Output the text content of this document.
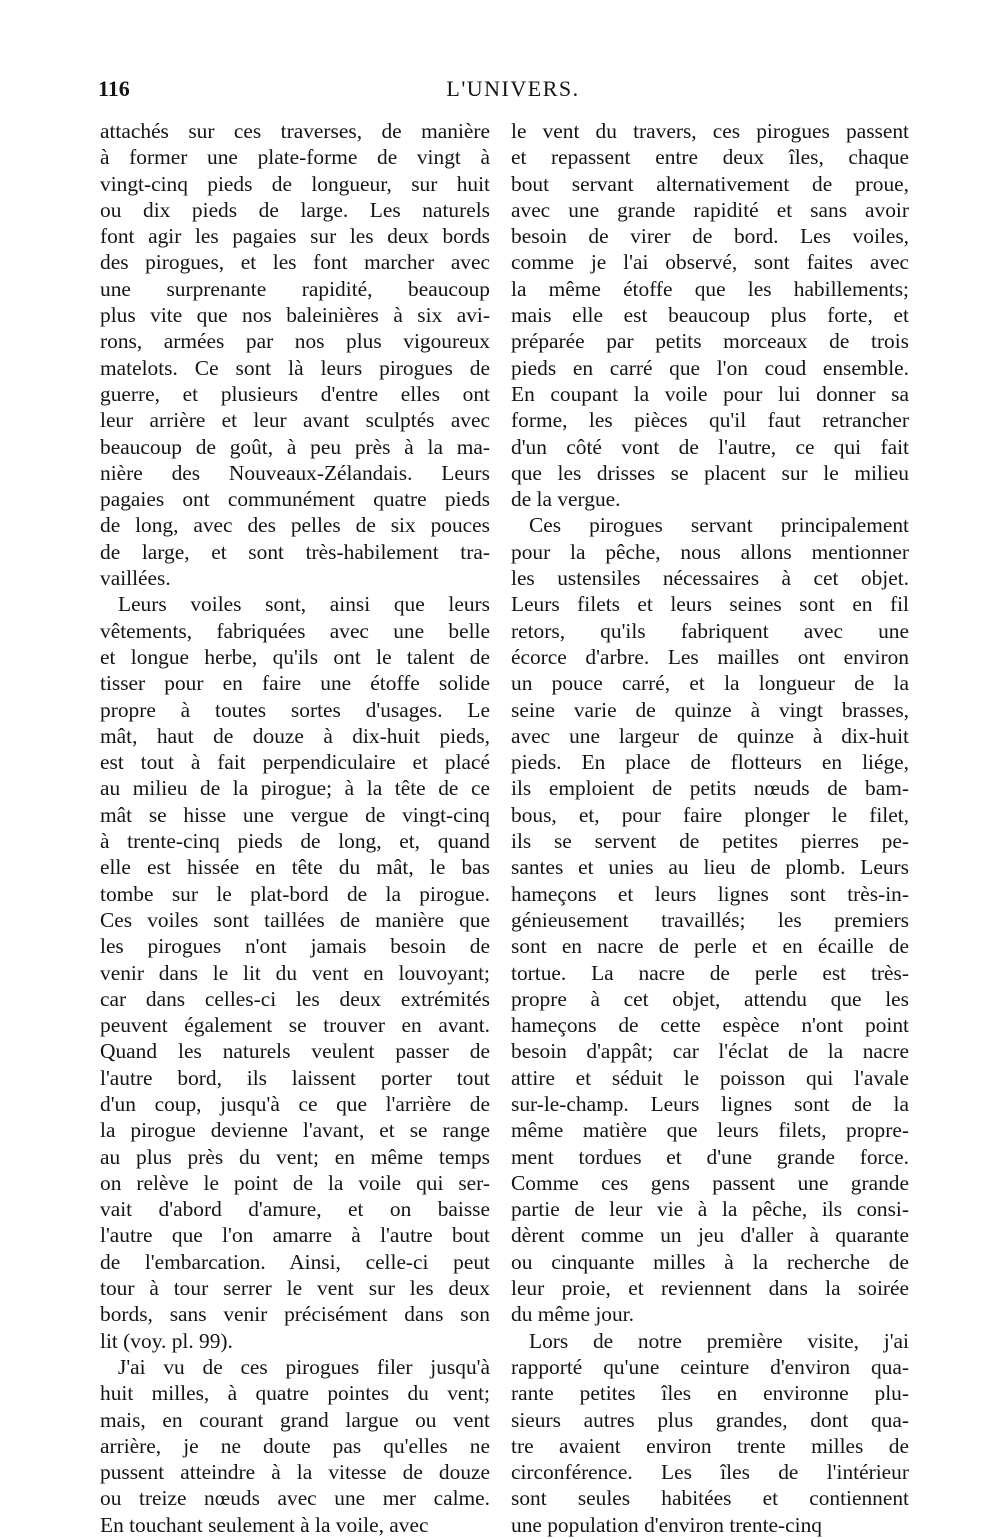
116	L'UNIVERS.
attachés sur ces traverses, de manière
à former une plate-forme de vingt à
vingt-cinq pieds de longueur, sur huit
ou dix pieds de large. Les naturels
font agir les pagaies sur les deux bords
des pirogues, et les font marcher avec
une surprenante rapidité, beaucoup
plus vite que nos baleinières à six avi-
rons, armées par nos plus vigoureux
matelots. Ce sont là leurs pirogues de
guerre, et plusieurs d'entre elles ont
leur arrière et leur avant sculptés avec
beaucoup de goût, à peu près à la ma-
nière des Nouveaux-Zélandais. Leurs
pagaies ont communément quatre pieds
de long, avec des pelles de six pouces
de large, et sont très-habilement tra-
vaillées.
Leurs voiles sont, ainsi que leurs
vêtements, fabriquées avec une belle
et longue herbe, qu'ils ont le talent de
tisser pour en faire une étoffe solide
propre à toutes sortes d'usages. Le
mât, haut de douze à dix-huit pieds,
est tout à fait perpendiculaire et placé
au milieu de la pirogue; à la tête de ce
mât se hisse une vergue de vingt-cinq
à trente-cinq pieds de long, et, quand
elle est hissée en tête du mât, le bas
tombe sur le plat-bord de la pirogue.
Ces voiles sont taillées de manière que
les pirogues n'ont jamais besoin de
venir dans le lit du vent en louvoyant;
car dans celles-ci les deux extrémités
peuvent également se trouver en avant.
Quand les naturels veulent passer de
l'autre bord, ils laissent porter tout
d'un coup, jusqu'à ce que l'arrière de
la pirogue devienne l'avant, et se range
au plus près du vent; en même temps
on relève le point de la voile qui ser-
vait d'abord d'amure, et on baisse
l'autre que l'on amarre à l'autre bout
de l'embarcation. Ainsi, celle-ci peut
tour à tour serrer le vent sur les deux
bords, sans venir précisément dans son
lit (voy. pl. 99).
J'ai vu de ces pirogues filer jusqu'à
huit milles, à quatre pointes du vent;
mais, en courant grand largue ou vent
arrière, je ne doute pas qu'elles ne
pussent atteindre à la vitesse de douze
ou treize nœuds avec une mer calme.
En touchant seulement à la voile, avec
le vent du travers, ces pirogues passent
et repassent entre deux îles, chaque
bout servant alternativement de proue,
avec une grande rapidité et sans avoir
besoin de virer de bord. Les voiles,
comme je l'ai observé, sont faites avec
la même étoffe que les habillements;
mais elle est beaucoup plus forte, et
préparée par petits morceaux de trois
pieds en carré que l'on coud ensemble.
En coupant la voile pour lui donner sa
forme, les pièces qu'il faut retrancher
d'un côté vont de l'autre, ce qui fait
que les drisses se placent sur le milieu
de la vergue.
Ces pirogues servant principalement
pour la pêche, nous allons mentionner
les ustensiles nécessaires à cet objet.
Leurs filets et leurs seines sont en fil
retors, qu'ils fabriquent avec une
écorce d'arbre. Les mailles ont environ
un pouce carré, et la longueur de la
seine varie de quinze à vingt brasses,
avec une largeur de quinze à dix-huit
pieds. En place de flotteurs en liége,
ils emploient de petits nœuds de bam-
bous, et, pour faire plonger le filet,
ils se servent de petites pierres pe-
santes et unies au lieu de plomb. Leurs
hameçons et leurs lignes sont très-in-
génieusement travaillés; les premiers
sont en nacre de perle et en écaille de
tortue. La nacre de perle est très-
propre à cet objet, attendu que les
hameçons de cette espèce n'ont point
besoin d'appât; car l'éclat de la nacre
attire et séduit le poisson qui l'avale
sur-le-champ. Leurs lignes sont de la
même matière que leurs filets, propre-
ment tordues et d'une grande force.
Comme ces gens passent une grande
partie de leur vie à la pêche, ils consi-
dèrent comme un jeu d'aller à quarante
ou cinquante milles à la recherche de
leur proie, et reviennent dans la soirée
du même jour.
Lors de notre première visite, j'ai
rapporté qu'une ceinture d'environ qua-
rante petites îles en environne plu-
sieurs autres plus grandes, dont qua-
tre avaient environ trente milles de
circonférence. Les îles de l'intérieur
sont seules habitées et contiennent
une population d'environ trente-cinq
